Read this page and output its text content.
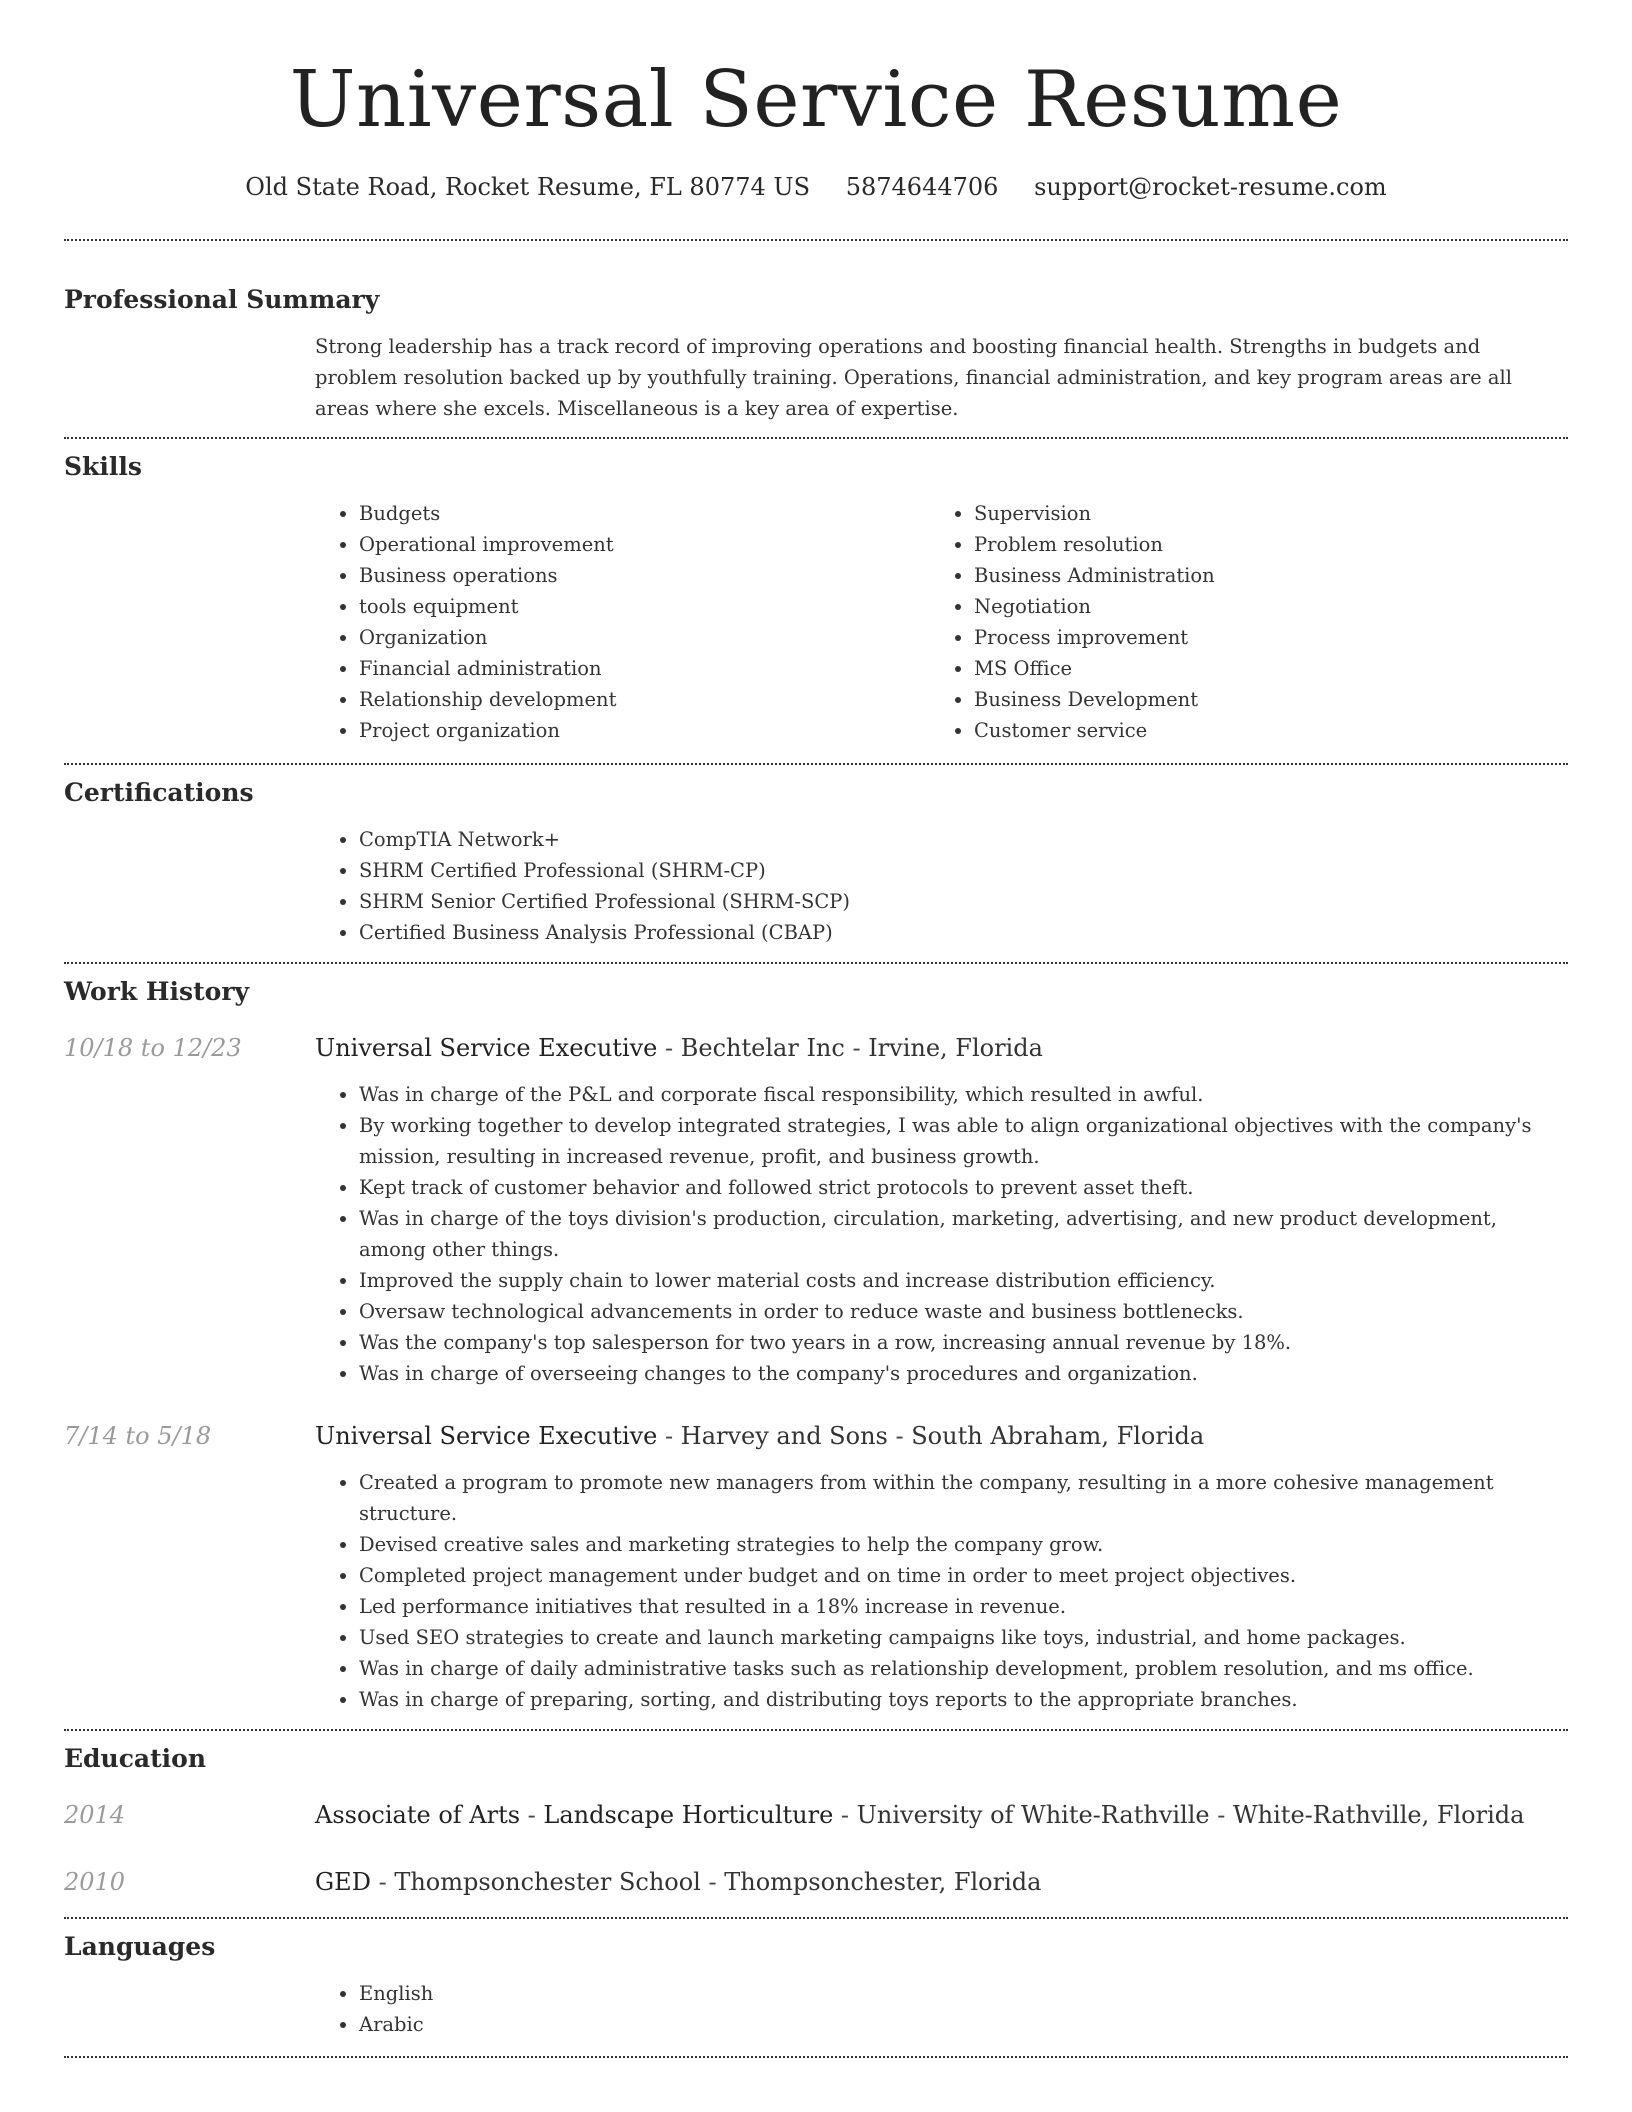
Universal Service Resume
Old State Road, Rocket Resume, FL 80774 US 5874644706 support@rocket-resume.com
Professional Summary

Strong leadership has a track record of improving operations and boosting financial health. Strengths in budgets and problem resolution backed up by youthfully training. Operations, financial administration, and key program areas are all areas where she excels. Miscellaneous is a key area of expertise.

Skills
• Budgets
• Operational improvement
• Business operations
• tools equipment
• Organization
• Financial administration
• Relationship development
• Project organization
• Supervision
• Problem resolution
• Business Administration
• Negotiation
• Process improvement
• MS Office
• Business Development
• Customer service
Certifications
• CompTIA Network+
• SHRM Certified Professional (SHRM-CP)
• SHRM Senior Certified Professional (SHRM-SCP)
• Certified Business Analysis Professional (CBAP)
Work History
10/18 to 12/23	Universal Service Executive - Bechtelar Inc - Irvine, Florida
• Was in charge of the P&L and corporate fiscal responsibility, which resulted in awful.
• By working together to develop integrated strategies, I was able to align organizational objectives with the company's mission, resulting in increased revenue, profit, and business growth.
• Kept track of customer behavior and followed strict protocols to prevent asset theft.
• Was in charge of the toys division's production, circulation, marketing, advertising, and new product development, among other things.
• Improved the supply chain to lower material costs and increase distribution efficiency.
• Oversaw technological advancements in order to reduce waste and business bottlenecks.
• Was the company's top salesperson for two years in a row, increasing annual revenue by 18%.
• Was in charge of overseeing changes to the company's procedures and organization.
7/14 to 5/18	Universal Service Executive - Harvey and Sons - South Abraham, Florida
• Created a program to promote new managers from within the company, resulting in a more cohesive management structure.
• Devised creative sales and marketing strategies to help the company grow.
• Completed project management under budget and on time in order to meet project objectives.
• Led performance initiatives that resulted in a 18% increase in revenue.
• Used SEO strategies to create and launch marketing campaigns like toys, industrial, and home packages.
• Was in charge of daily administrative tasks such as relationship development, problem resolution, and ms office.
• Was in charge of preparing, sorting, and distributing toys reports to the appropriate branches.
Education
2014	Associate of Arts - Landscape Horticulture - University of White-Rathville - White-Rathville, Florida
2010	GED - Thompsonchester School - Thompsonchester, Florida
Languages
• English
• Arabic
